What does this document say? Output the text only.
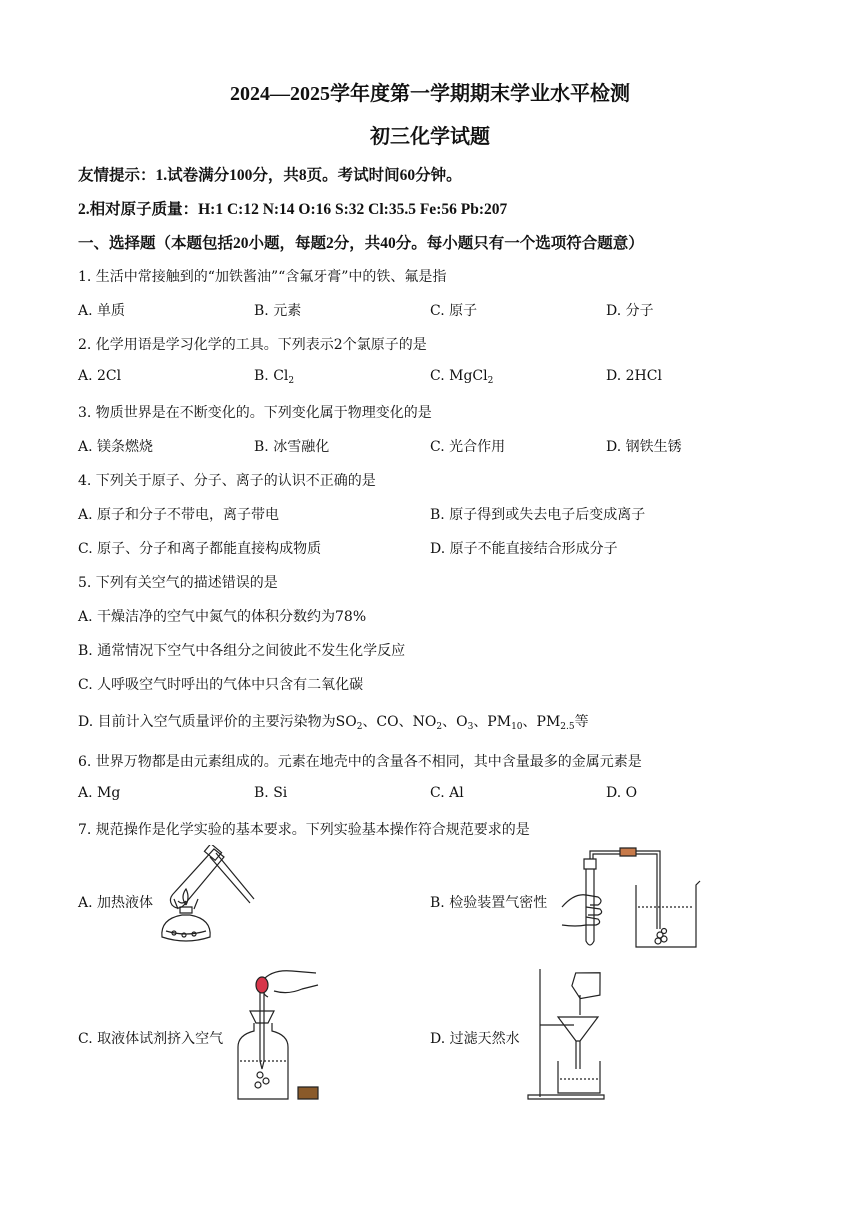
2024—2025学年度第一学期期末学业水平检测
初三化学试题
友情提示：1.试卷满分100分，共8页。考试时间60分钟。
2.相对原子质量：H:1 C:12 N:14 O:16 S:32 Cl:35.5 Fe:56 Pb:207
一、选择题（本题包括20小题，每题2分，共40分。每小题只有一个选项符合题意）
1. 生活中常接触到的“加铁酱油”“含氟牙膏”中的铁、氟是指
A. 单质	B. 元素	C. 原子	D. 分子
2. 化学用语是学习化学的工具。下列表示2个氯原子的是
A. 2Cl	B. $Cl_2$	C. MgCl$_2$	D. 2HCl
3. 物质世界是在不断变化的。下列变化属于物理变化的是
A. 镁条燃烧	B. 冰雪融化	C. 光合作用	D. 钢铁生锈
4. 下列关于原子、分子、离子的认识不正确的是
A. 原子和分子不带电，离子带电	B. 原子得到或失去电子后变成离子
C. 原子、分子和离子都能直接构成物质	D. 原子不能直接结合形成分子
5. 下列有关空气的描述错误的是
A. 干燥洁净的空气中氮气的体积分数约为78%
B. 通常情况下空气中各组分之间彼此不发生化学反应
C. 人呼吸空气时呼出的气体中只含有二氧化碳
D. 目前计入空气质量评价的主要污染物为$SO_2$、CO、$NO_2$、$O_3$、$PM_{10}$、$PM_{2.5}$等
6. 世界万物都是由元素组成的。元素在地壳中的含量各不相同，其中含量最多的金属元素是
A. Mg	B. Si	C. Al	D. O
7. 规范操作是化学实验的基本要求。下列实验基本操作符合规范要求的是
A. 加热液体	B. 检验装置气密性
C. 取液体试剂挤入空气	D. 过滤天然水
